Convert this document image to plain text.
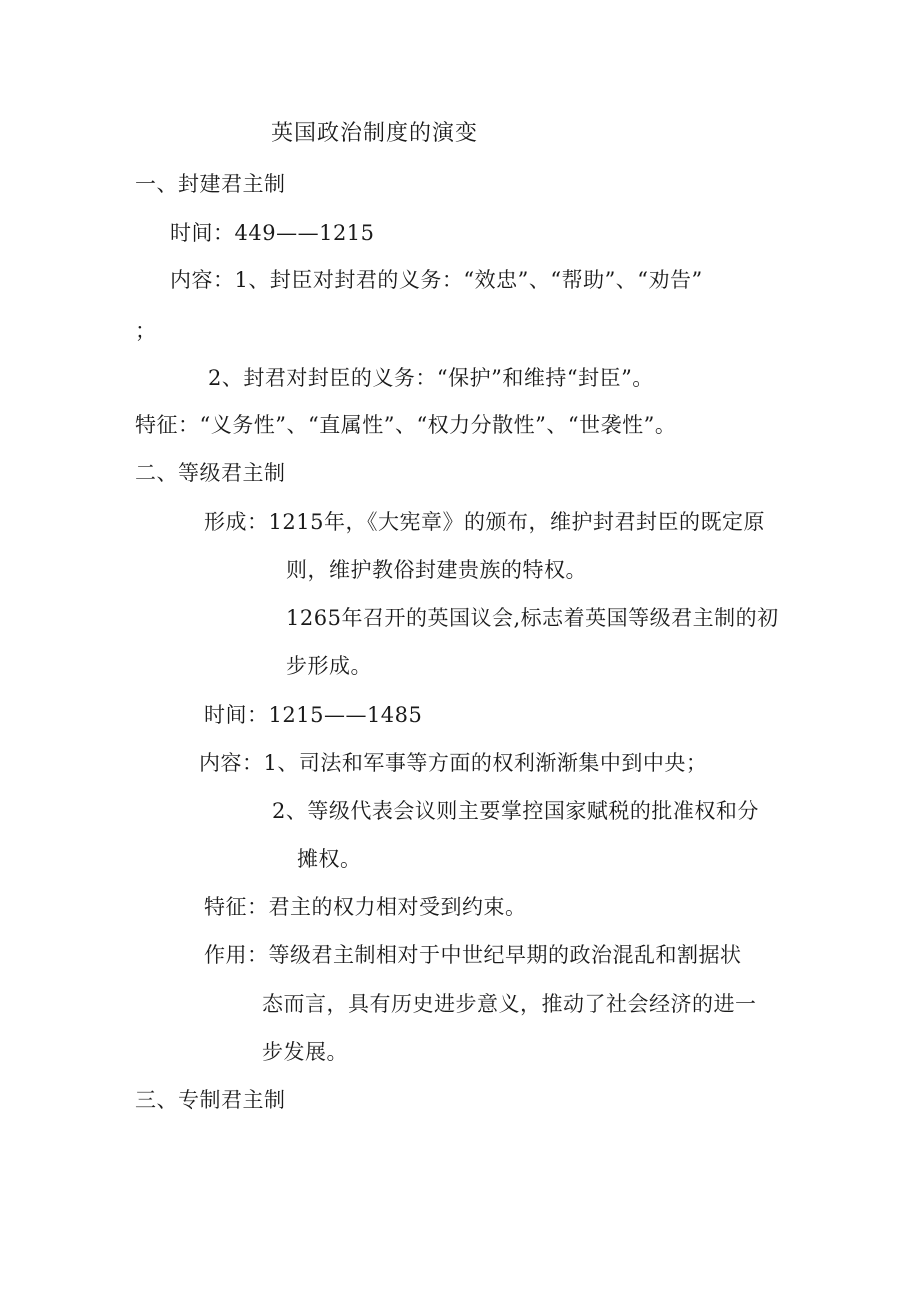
英国政治制度的演变
一、封建君主制
时间：449——1215
内容：1、封臣对封君的义务：“效忠”、“帮助”、“劝告”
；
2、封君对封臣的义务：“保护”和维持“封臣”。
特征：“义务性”、“直属性”、“权力分散性”、“世袭性”。
二、等级君主制
形成：1215年，《大宪章》的颁布，维护封君封臣的既定原
则，维护教俗封建贵族的特权。
1265年召开的英国议会,标志着英国等级君主制的初
步形成。
时间：1215——1485
内容：1、司法和军事等方面的权利渐渐集中到中央；
2、等级代表会议则主要掌控国家赋税的批准权和分
摊权。
特征：君主的权力相对受到约束。
作用：等级君主制相对于中世纪早期的政治混乱和割据状
态而言，具有历史进步意义，推动了社会经济的进一
步发展。
三、专制君主制
